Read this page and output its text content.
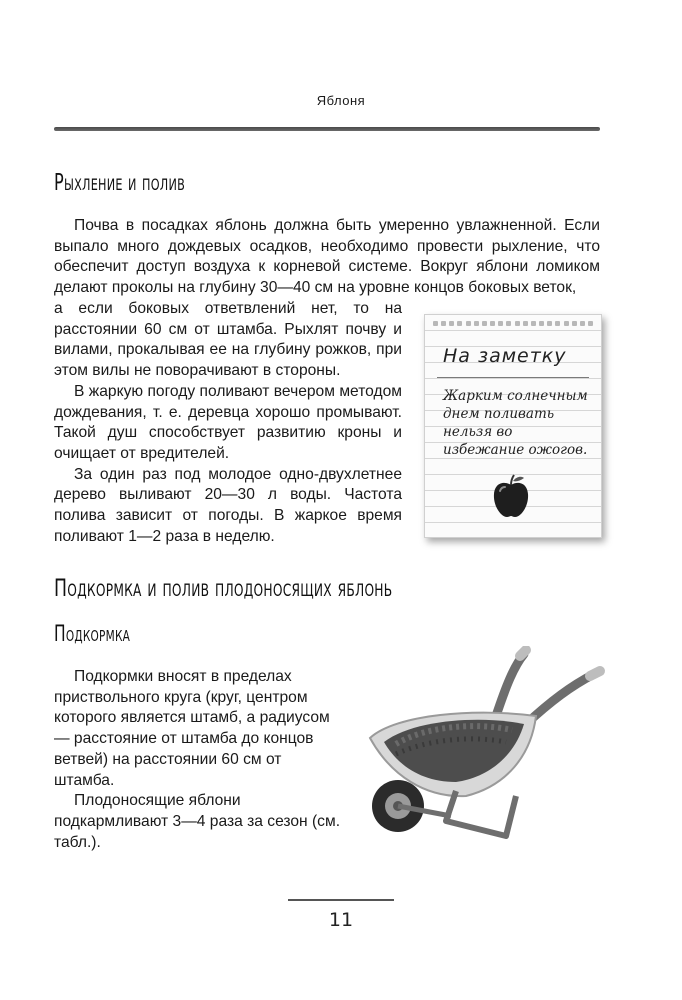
Яблоня
Рыхление и полив

Почва в посадках яблонь должна быть умеренно увлажненной. Если выпало много дождевых осадков, необходимо провести рыхление, что обеспечит доступ воздуха к корневой системе. Вокруг яблони ломиком делают проколы на глубину 30—40 см на уровне концов боковых веток,

а если боковых ответвлений нет, то на расстоянии 60 см от штамба. Рыхлят почву и вилами, прокалывая ее на глубину рожков, при этом вилы не поворачивают в стороны.

В жаркую погоду поливают вечером методом дождевания, т. е. деревца хорошо промывают. Такой душ способствует развитию кроны и очищает от вредителей.

За один раз под молодое одно-двухлетнее дерево выливают 20—30 л воды. Частота полива зависит от погоды. В жаркое время поливают 1—2 раза в неделю.

На заметку
Жарким солнечным днем поливать нельзя во избежание ожогов.
Подкормка и полив плодоносящих яблонь
Подкормка

Подкормки вносят в пределах приствольного круга (круг, центром которого является штамб, а радиусом — расстояние от штамба до концов ветвей) на расстоянии 60 см от штамба.

Плодоносящие яблони подкармливают 3—4 раза за сезон (см. табл.).

11
